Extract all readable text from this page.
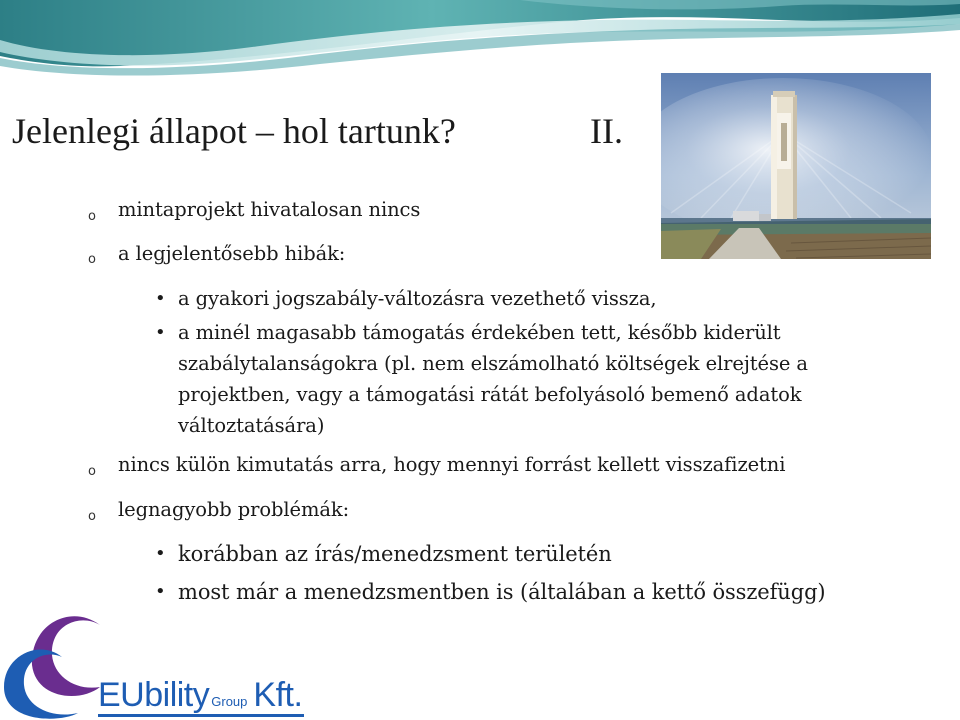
Jelenlegi állapot – hol tartunk?	II.
o mintaprojekt hivatalosan nincs
o a legjelentősebb hibák:
• a gyakori jogszabály-változásra vezethető vissza,
• a minél magasabb támogatás érdekében tett, később kiderült
szabálytalanságokra (pl. nem elszámolható költségek elrejtése a
projektben, vagy a támogatási rátát befolyásoló bemenő adatok
változtatására)
o nincs külön kimutatás arra, hogy mennyi forrást kellett visszafizetni
o legnagyobb problémák:
• korábban az írás/menedzsment területén
• most már a menedzsmentben is (általában a kettő összefügg)
EUbility Group Kft.
